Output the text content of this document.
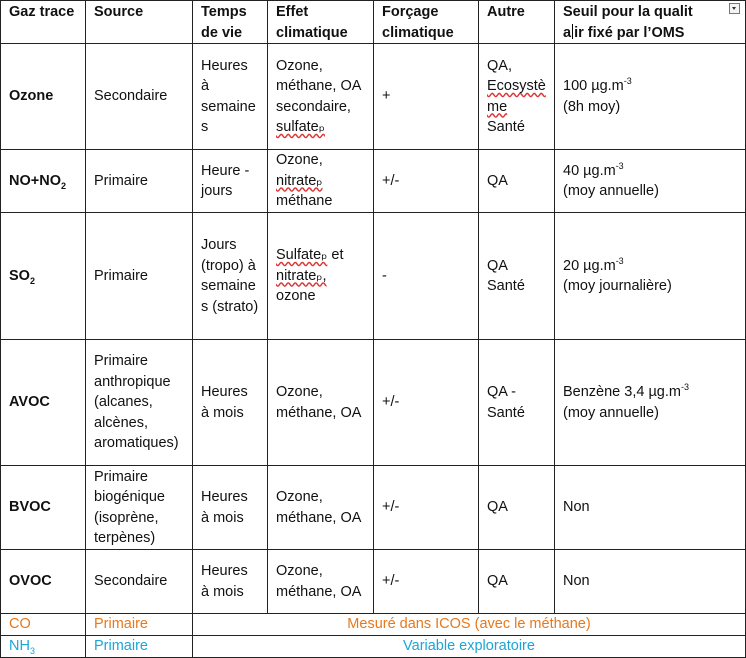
Gaz trace	Source	Temps de vie	Effet climatique	Forçage climatique	Autre	Seuil pour la qualit
a ir fixé par l’OMS
Ozone	Secondaire	Heures à semaines	Ozone, méthane, OA secondaire, sulfateₚ	+	QA, Ecosystème Santé	100 $\mu g.m^{-3}$
(8h moy)
$NO+NO_2$	Primaire	Heure - jours	Ozone, nitrateₚ méthane	+/-	QA	40 $\mu g.m^{-3}$
(moy annuelle)
$SO_2$	Primaire	Jours (tropo) à semaines (strato)	Sulfateₚ et nitrateₚ, ozone	-	QA Santé	20 $\mu g.m^{-3}$
(moy journalière)
AVOC	Primaire anthropique (alcanes, alcènes, aromatiques)	Heures à mois	Ozone, méthane, OA	+/-	QA - Santé	Benzène 3,4 $\mu g.m^{-3}$
(moy annuelle)
BVOC	Primaire biogénique (isoprène, terpènes)	Heures à mois	Ozone, méthane, OA	+/-	QA	Non
OVOC	Secondaire	Heures à mois	Ozone, méthane, OA	+/-	QA	Non
CO	Primaire	Mesuré dans ICOS (avec le méthane)				
$NH_3$	Primaire	Variable exploratoire				
